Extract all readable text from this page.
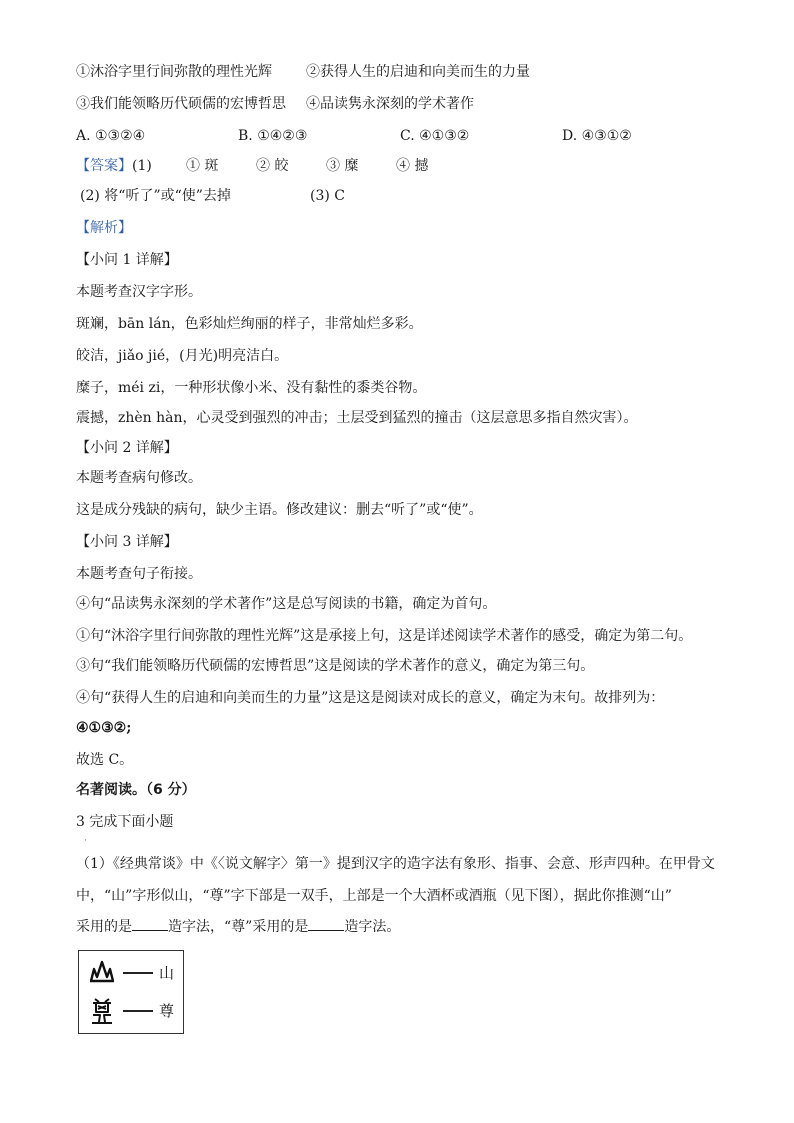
①沐浴字里行间弥散的理性光辉 ②获得人生的启迪和向美而生的力量
③我们能领略历代硕儒的宏博哲思 ④品读隽永深刻的学术著作
A. ①③②④	B. ①④②③	C. ④①③②	D. ④③①②
【答案】(1) ① 斑	② 皎	③ 糜	④ 撼
(2) 将“听了”或“使”去掉	(3) C
【解析】
【小问 1 详解】
本题考查汉字字形。
斑斓，bān lán，色彩灿烂绚丽的样子，非常灿烂多彩。
皎洁，jiǎo jié，(月光)明亮洁白。
糜子，méi zi，一种形状像小米、没有黏性的黍类谷物。
震撼，zhèn hàn，心灵受到强烈的冲击；土层受到猛烈的撞击（这层意思多指自然灾害）。
【小问 2 详解】
本题考查病句修改。
这是成分残缺的病句，缺少主语。修改建议：删去“听了”或“使”。
【小问 3 详解】
本题考查句子衔接。
④句“品读隽永深刻的学术著作”这是总写阅读的书籍，确定为首句。
①句“沐浴字里行间弥散的理性光辉”这是承接上句，这是详述阅读学术著作的感受，确定为第二句。
③句“我们能领略历代硕儒的宏博哲思”这是阅读的学术著作的意义，确定为第三句。
④句“获得人生的启迪和向美而生的力量”这是这是阅读对成长的意义，确定为末句。故排列为：
④①③②;
故选 C。
名著阅读。（6 分）
3 完成下面小题
·
（1）《经典常谈》中《〈说文解字〉第一》提到汉字的造字法有象形、指事、会意、形声四种。在甲骨文
中，“山”字形似山，“尊”字下部是一双手，上部是一个大酒杯或酒瓶（见下图），据此你推测“山”
采用的是	造字法，“尊”采用的是	造字法。
山
尊
